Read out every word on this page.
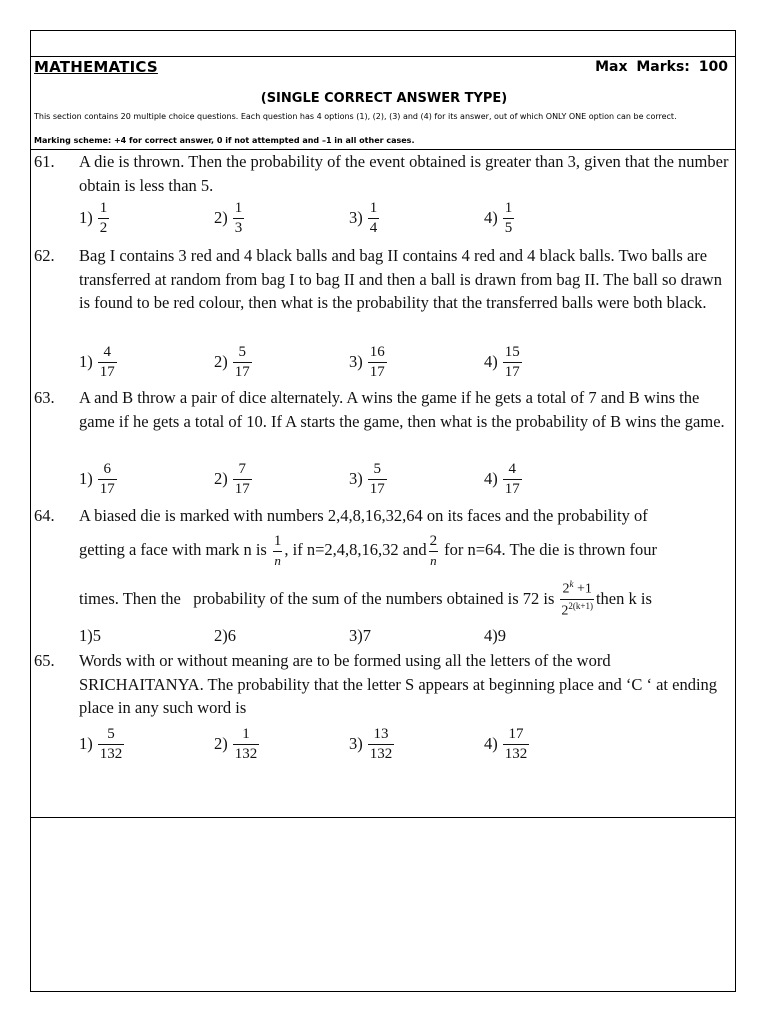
MATHEMATICS	Max Marks: 100
(SINGLE CORRECT ANSWER TYPE)
This section contains 20 multiple choice questions. Each question has 4 options (1), (2), (3) and (4) for its answer, out of which ONLY ONE option can be correct.
Marking scheme: +4 for correct answer, 0 if not attempted and –1 in all other cases.
61. A die is thrown. Then the probability of the event obtained is greater than 3, given that the number obtain is less than 5.
$1) \frac{1}{2}$	$2) \frac{1}{3}$	$3) \frac{1}{4}$	$4) \frac{1}{5}$
62. Bag I contains 3 red and 4 black balls and bag II contains 4 red and 4 black balls. Two balls are transferred at random from bag I to bag II and then a ball is drawn from bag II. The ball so drawn is found to be red colour, then what is the probability that the transferred balls were both black.
$1) \frac{4}{17}$	$2) \frac{5}{17}$	$3) \frac{16}{17}$	$4) \frac{15}{17}$
63. A and B throw a pair of dice alternately. A wins the game if he gets a total of 7 and B wins the game if he gets a total of 10. If A starts the game, then what is the probability of B wins the game.
$1) \frac{6}{17}$	$2) \frac{7}{17}$	$3) \frac{5}{17}$	$4) \frac{4}{17}$
64. A biased die is marked with numbers 2,4,8,16,32,64 on its faces and the probability of
getting a face with mark n is 1
n
, if n=2,4,8,16,32 and 2
n
for n=64. The die is thrown four
times. Then the   probability of the sum of the numbers obtained is 72 is $2^k +1$
$2^{2(k+1)}$ then k is
1)5	2)6	3)7	4)9
65. Words with or without meaning are to be formed using all the letters of the word SRICHAITANYA. The probability that the letter S appears at beginning place and ‘C ‘ at ending place in any such word is
$1) \frac{5}{132}$	$2) \frac{1}{132}$	$3) \frac{13}{132}$	$4) \frac{17}{132}$
